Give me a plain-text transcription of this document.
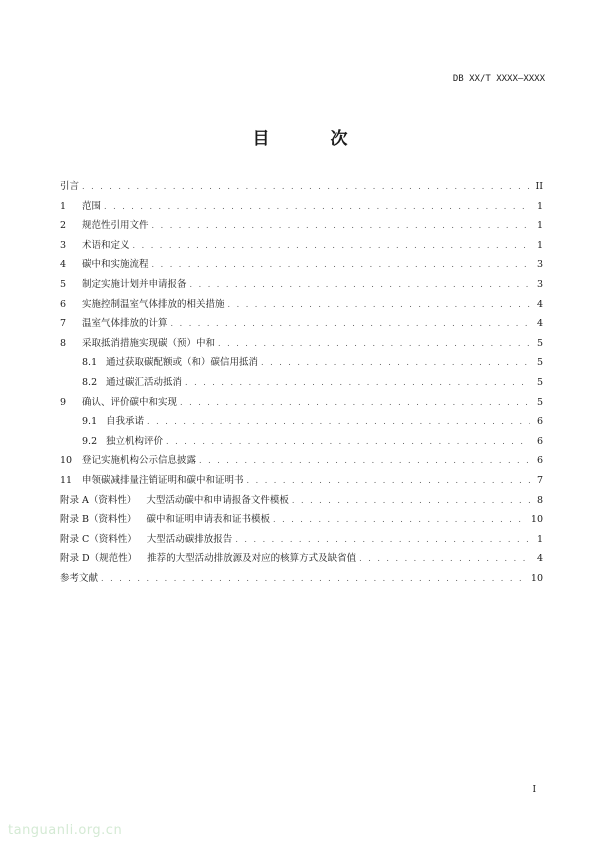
DB XX/T XXXX—XXXX
目　次
引言 . . .	II
1 范围 . . .	1
2 规范性引用文件 . . .	1
3 术语和定义 . . .	1
4 碳中和实施流程 . . .	3
5 制定实施计划并申请报备 . . .	3
6 实施控制温室气体排放的相关措施 . . .	4
7 温室气体排放的计算 . . .	4
8 采取抵消措施实现碳（预）中和 . . .	5
8.1 通过获取碳配额或（和）碳信用抵消 . . .	5
8.2 通过碳汇活动抵消 . . .	5
9 确认、评价碳中和实现 . . .	5
9.1 自我承诺 . . .	6
9.2 独立机构评价 . . .	6
10 登记实施机构公示信息披露 . . .	6
11 申领碳减排量注销证明和碳中和证明书 . . .	7
附录 A（资料性） 大型活动碳中和申请报备文件模板 . . .	8
附录 B（资料性） 碳中和证明申请表和证书模板 . . .	10
附录 C（资料性） 大型活动碳排放报告 . . .	1
附录 D（规范性） 推荐的大型活动排放源及对应的核算方式及缺省值 . . .	4
参考文献 . . .	10
I
tanguanli.org.cn
